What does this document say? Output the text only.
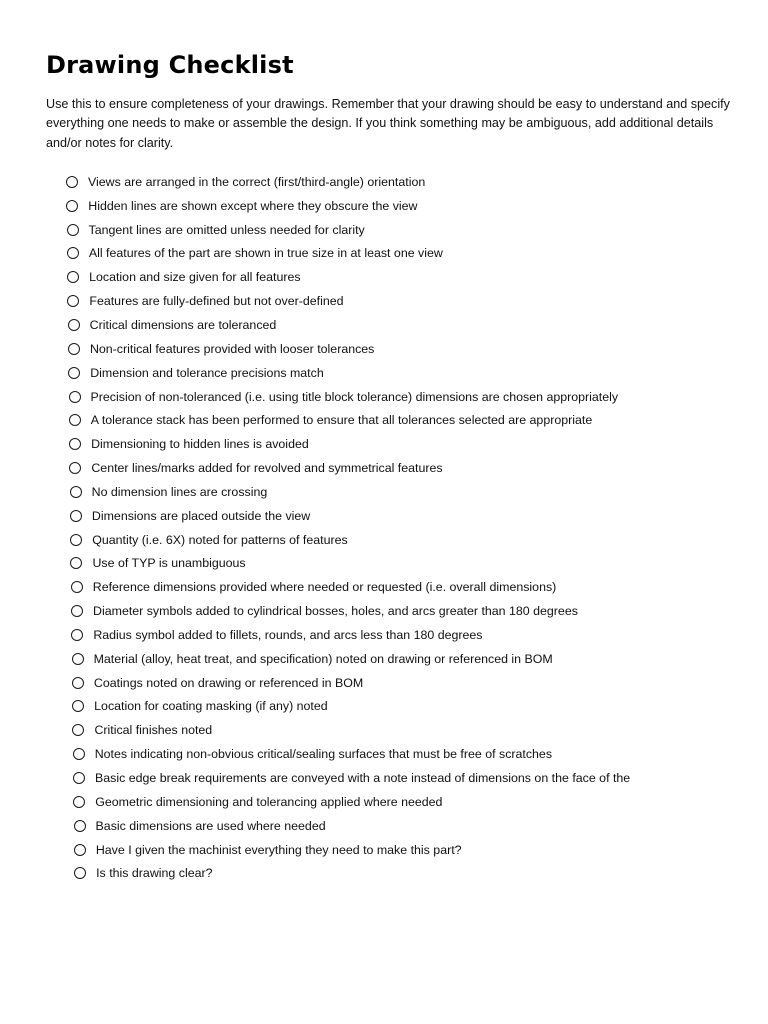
Drawing Checklist

Use this to ensure completeness of your drawings. Remember that your drawing should be easy to understand and specify everything one needs to make or assemble the design. If you think something may be ambiguous, add additional details and/or notes for clarity.

Views are arranged in the correct (first/third-angle) orientation
Hidden lines are shown except where they obscure the view
Tangent lines are omitted unless needed for clarity
All features of the part are shown in true size in at least one view
Location and size given for all features
Features are fully-defined but not over-defined
Critical dimensions are toleranced
Non-critical features provided with looser tolerances
Dimension and tolerance precisions match
Precision of non-toleranced (i.e. using title block tolerance) dimensions are chosen appropriately
A tolerance stack has been performed to ensure that all tolerances selected are appropriate
Dimensioning to hidden lines is avoided
Center lines/marks added for revolved and symmetrical features
No dimension lines are crossing
Dimensions are placed outside the view
Quantity (i.e. 6X) noted for patterns of features
Use of TYP is unambiguous
Reference dimensions provided where needed or requested (i.e. overall dimensions)
Diameter symbols added to cylindrical bosses, holes, and arcs greater than 180 degrees
Radius symbol added to fillets, rounds, and arcs less than 180 degrees
Material (alloy, heat treat, and specification) noted on drawing or referenced in BOM
Coatings noted on drawing or referenced in BOM
Location for coating masking (if any) noted
Critical finishes noted
Notes indicating non-obvious critical/sealing surfaces that must be free of scratches
Basic edge break requirements are conveyed with a note instead of dimensions on the face of the
Geometric dimensioning and tolerancing applied where needed
Basic dimensions are used where needed
Have I given the machinist everything they need to make this part?
Is this drawing clear?
